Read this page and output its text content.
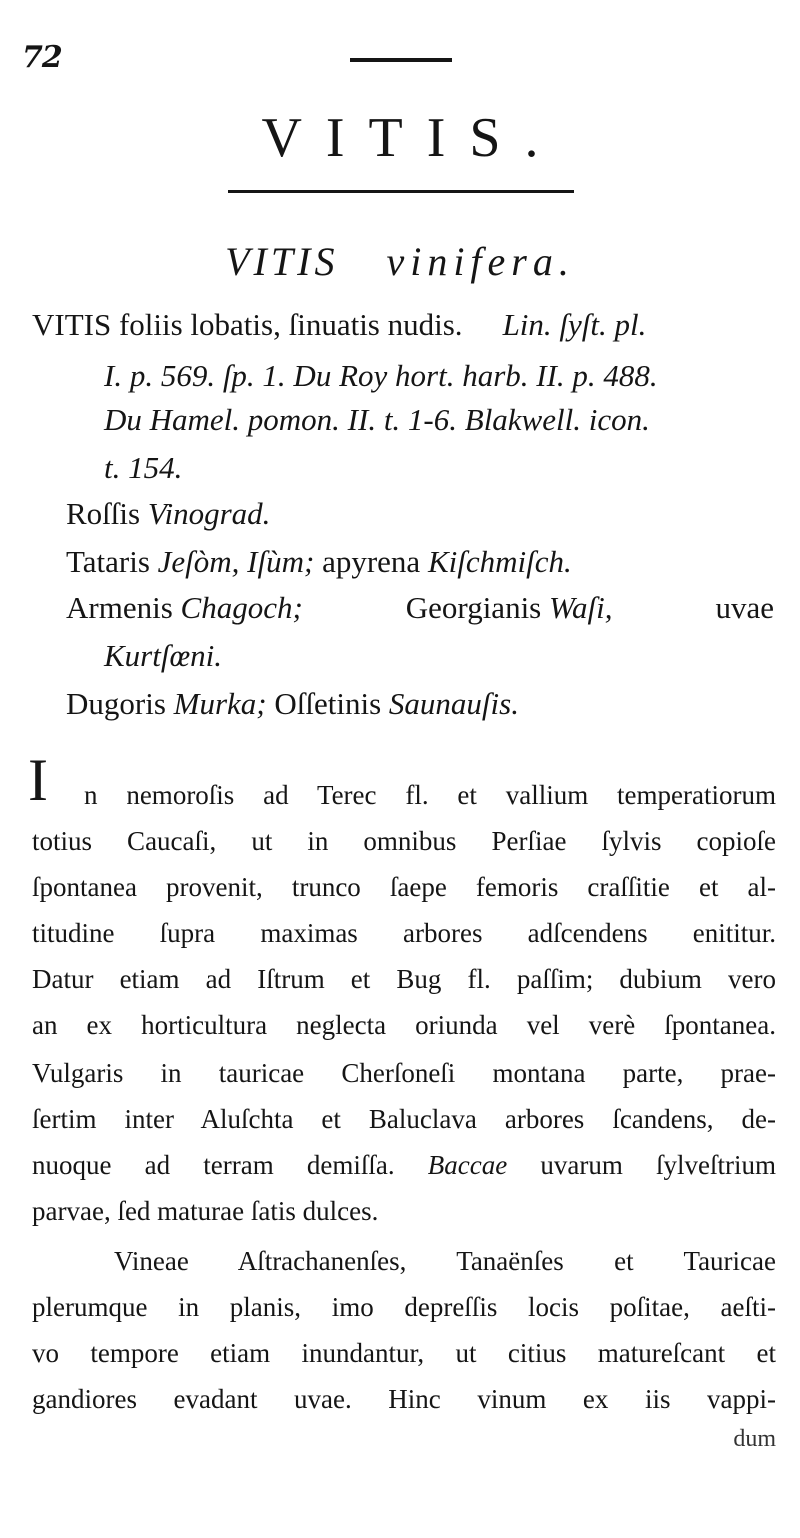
72
VITIS.
VITIS vinifera.
VITIS foliis lobatis, ſinuatis nudis. Lin. ſyſt. pl.
I. p. 569. ſp. 1. Du Roy hort. harb. II. p. 488.
Du Hamel. pomon. II. t. 1-6. Blakwell. icon.
t. 154.
Roſſis Vinograd.
Tataris Jeſòm, Iſùm; apyrena Kiſchmiſch.
Armenis Chagoch;	Georgianis Waſi,	uvae
Kurtſœni.
Dugoris Murka; Oſſetinis Saunauſis.
I n nemoroſis ad Terec fl. et vallium temperatiorum
totius Caucaſi, ut in omnibus Perſiae ſylvis copioſe
ſpontanea provenit, trunco ſaepe femoris craſſitie et al-
titudine ſupra maximas arbores adſcendens enititur.
Datur etiam ad Iſtrum et Bug fl. paſſim; dubium vero
an ex horticultura neglecta oriunda vel verè ſpontanea.
Vulgaris in tauricae Cherſoneſi montana parte, prae-
ſertim inter Aluſchta et Baluclava arbores ſcandens, de-
nuoque ad terram demiſſa. Baccae uvarum ſylveſtrium
parvae, ſed maturae ſatis dulces.
Vineae Aſtrachanenſes, Tanaënſes et Tauricae
plerumque in planis, imo depreſſis locis poſitae, aeſti-
vo tempore etiam inundantur, ut citius matureſcant et
gandiores evadant uvae. Hinc vinum ex iis vappi-
dum
